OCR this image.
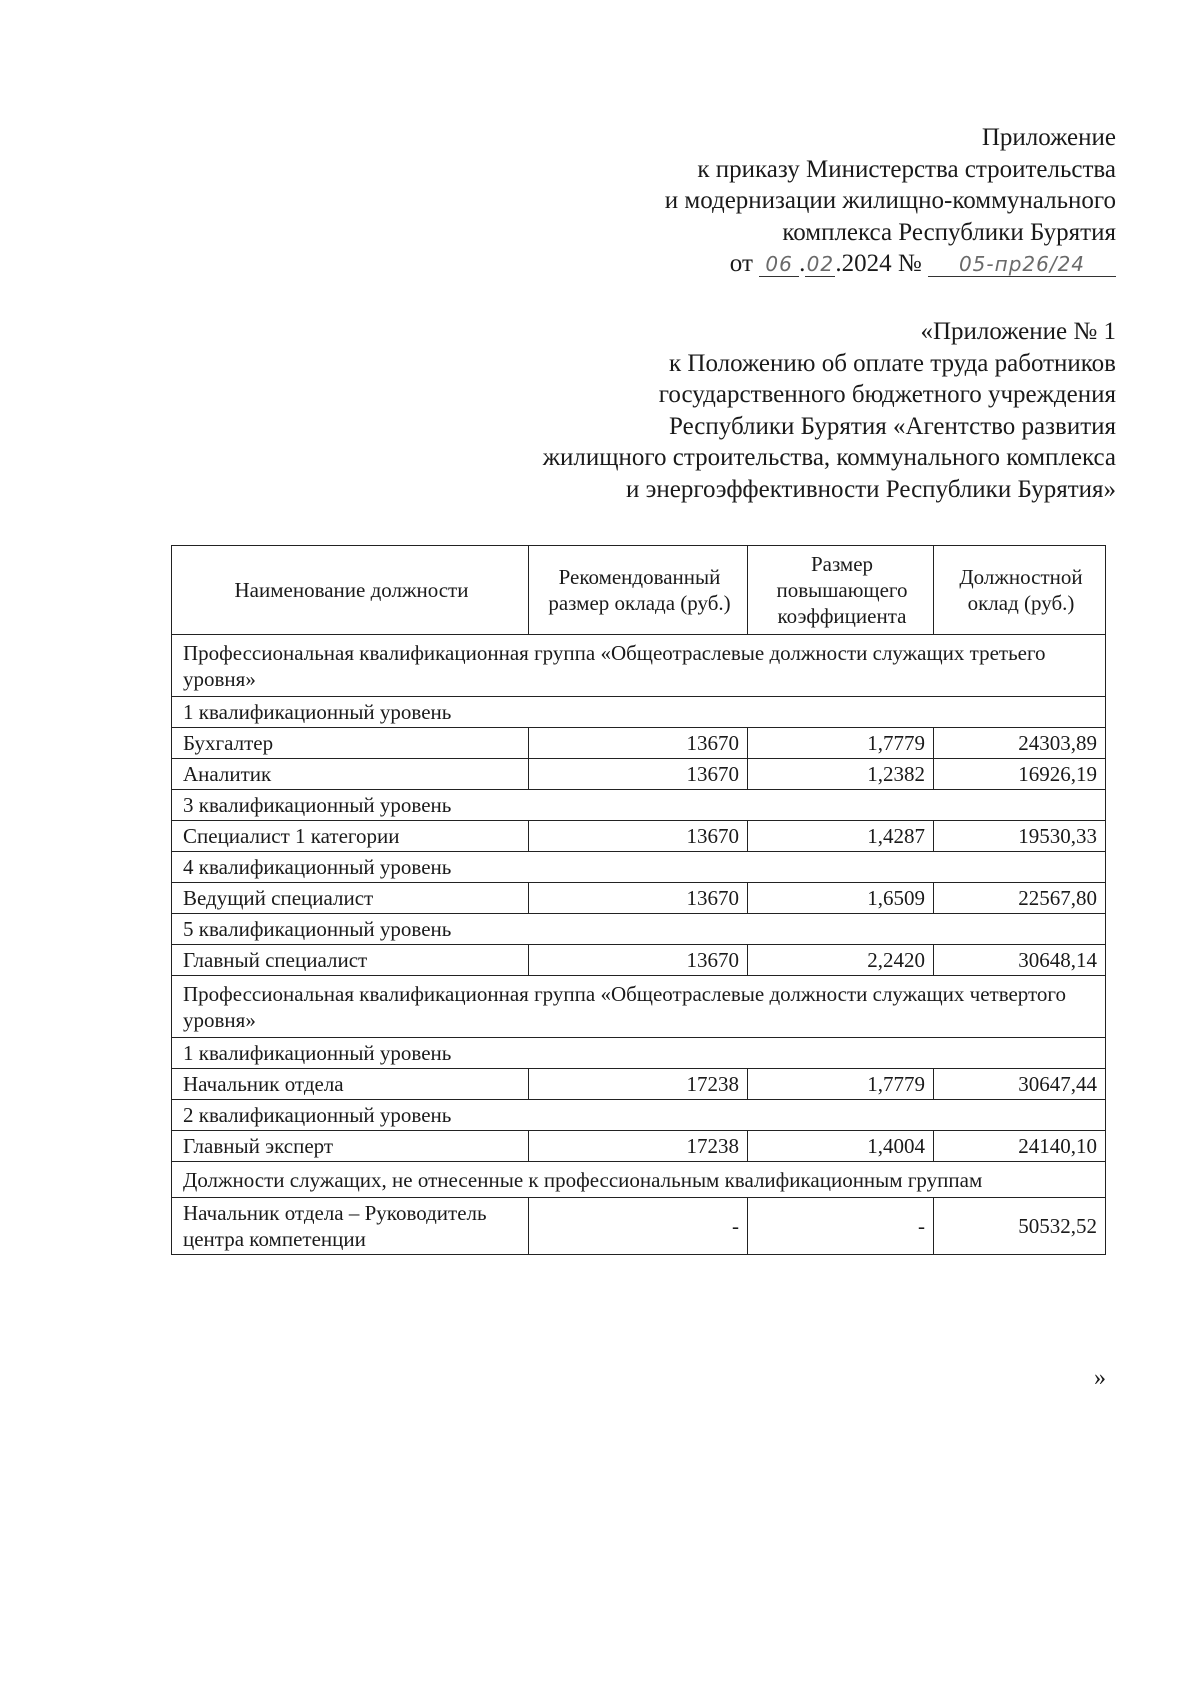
Приложение
к приказу Министерства строительства
и модернизации жилищно-коммунального
комплекса Республики Бурятия
от 06 .02.2024 № 05-пр26/24
«Приложение № 1
к Положению об оплате труда работников
государственного бюджетного учреждения
Республики Бурятия «Агентство развития
жилищного строительства, коммунального комплекса
и энергоэффективности Республики Бурятия»
Наименование должности	Рекомендованный размер оклада (руб.)	Размер повышающего коэффициента	Должностной оклад (руб.)
Профессиональная квалификационная группа «Общеотраслевые должности служащих третьего уровня»			
1 квалификационный уровень			
Бухгалтер	13670	1,7779	24303,89
Аналитик	13670	1,2382	16926,19
3 квалификационный уровень			
Специалист 1 категории	13670	1,4287	19530,33
4 квалификационный уровень			
Ведущий специалист	13670	1,6509	22567,80
5 квалификационный уровень			
Главный специалист	13670	2,2420	30648,14
Профессиональная квалификационная группа «Общеотраслевые должности служащих четвертого уровня»			
1 квалификационный уровень			
Начальник отдела	17238	1,7779	30647,44
2 квалификационный уровень			
Главный эксперт	17238	1,4004	24140,10
Должности служащих, не отнесенные к профессиональным квалификационным группам			
Начальник отдела – Руководитель центра компетенции	-	-	50532,52
»
